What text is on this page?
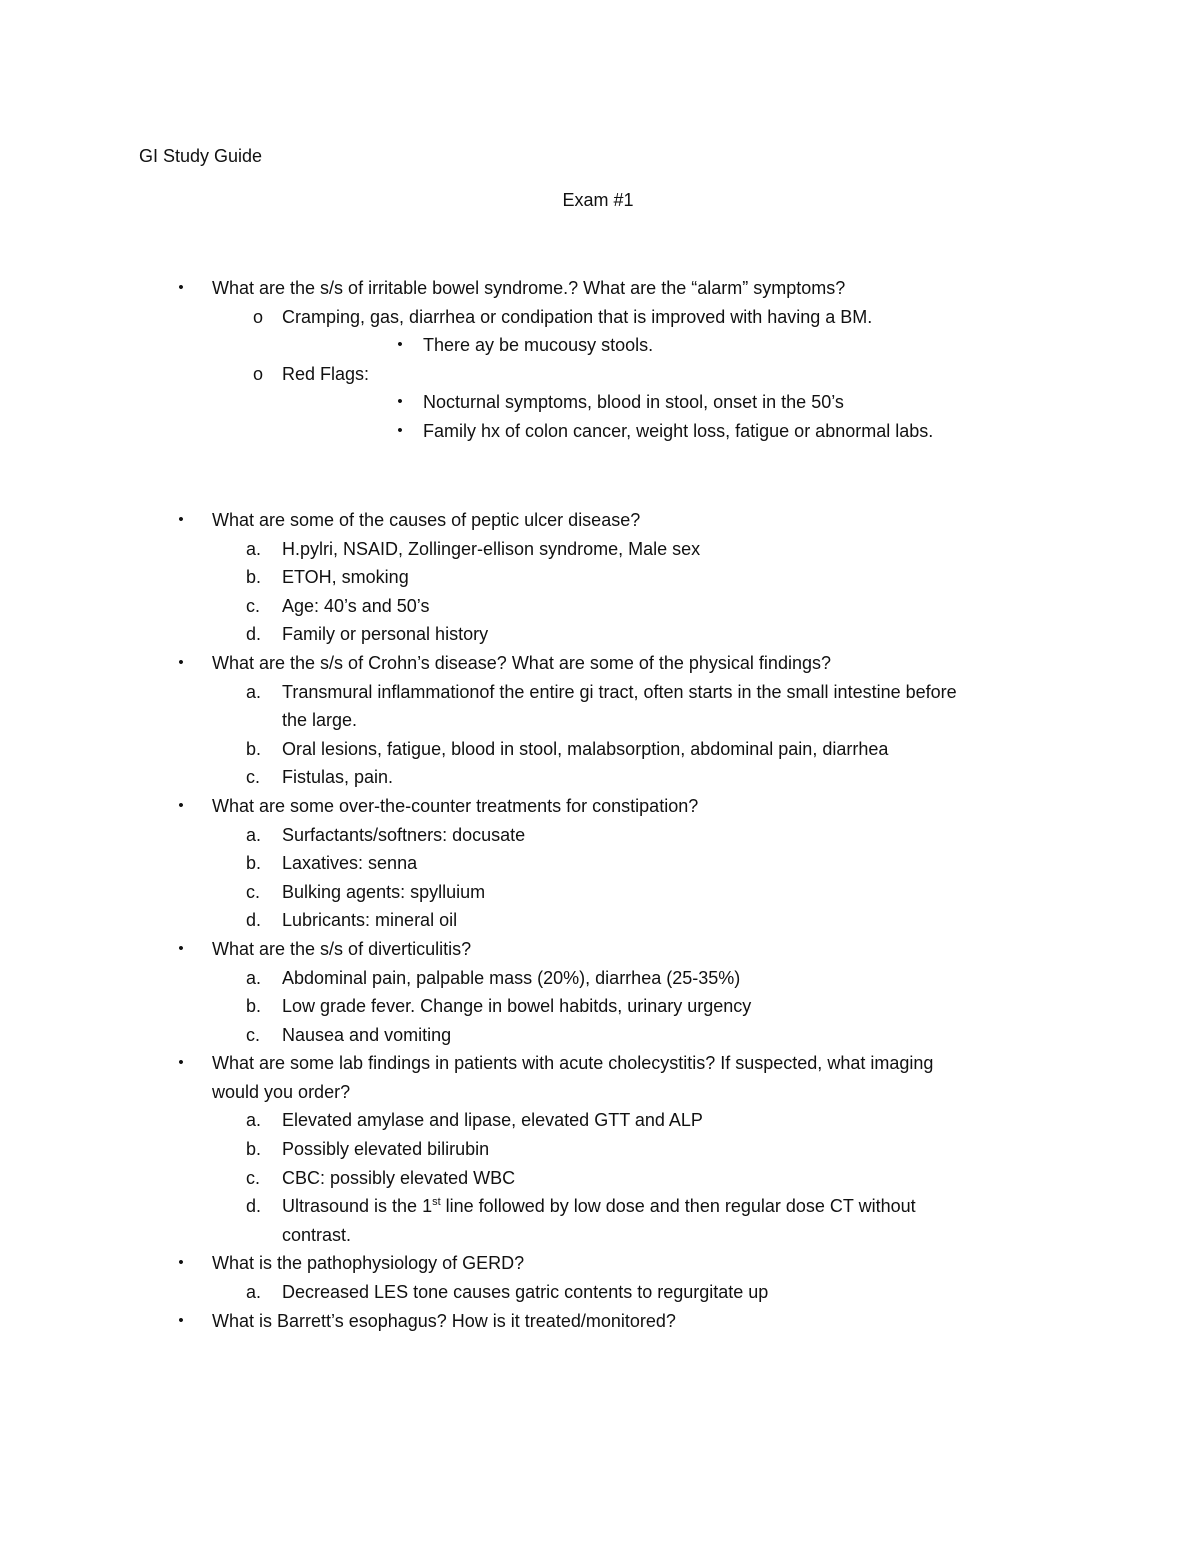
GI Study Guide

Exam #1

•	What are the s/s of irritable bowel syndrome.? What are the “alarm” symptoms?
o Cramping, gas, diarrhea or condipation that is improved with having a BM.
•	There ay be mucousy stools.
o Red Flags:
•	Nocturnal symptoms, blood in stool, onset in the 50’s
•	Family hx of colon cancer, weight loss, fatigue or abnormal labs.
•	What are some of the causes of peptic ulcer disease?
a.	H.pylri, NSAID, Zollinger-ellison syndrome, Male sex
b.	ETOH, smoking
c.	Age: 40’s and 50’s
d.	Family or personal history
•	What are the s/s of Crohn’s disease? What are some of the physical findings?
a.	Transmural inflammationof the entire gi tract, often starts in the small intestine before
the large.
b.	Oral lesions, fatigue, blood in stool, malabsorption, abdominal pain, diarrhea
c.	Fistulas, pain.
•	What are some over-the-counter treatments for constipation?
a.	Surfactants/softners: docusate
b.	Laxatives: senna
c.	Bulking agents: spylluium
d.	Lubricants: mineral oil
•	What are the s/s of diverticulitis?
a.	Abdominal pain, palpable mass (20%), diarrhea (25-35%)
b.	Low grade fever. Change in bowel habitds, urinary urgency
c.	Nausea and vomiting
•	What are some lab findings in patients with acute cholecystitis? If suspected, what imaging
would you order?
a.	Elevated amylase and lipase, elevated GTT and ALP
b.	Possibly elevated bilirubin
c.	CBC: possibly elevated WBC
d.	Ultrasound is the 1st line followed by low dose and then regular dose CT without
contrast.
•	What is the pathophysiology of GERD?
a.	Decreased LES tone causes gatric contents to regurgitate up
•	What is Barrett’s esophagus? How is it treated/monitored?
